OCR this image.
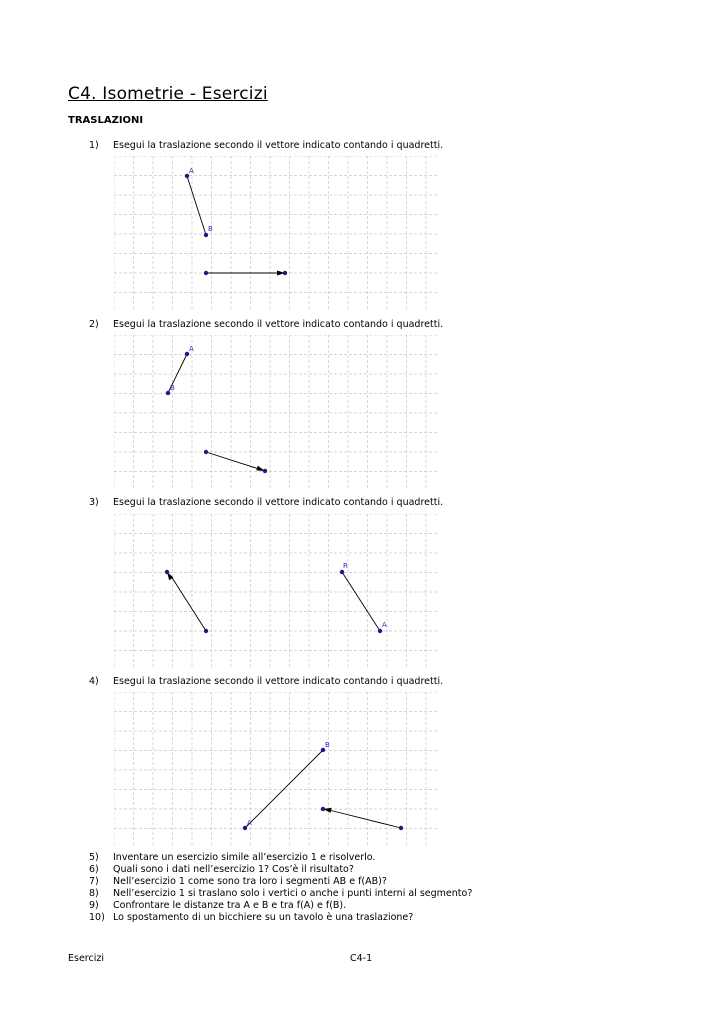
C4. Isometrie - Esercizi
TRASLAZIONI
1) Esegui la traslazione secondo il vettore indicato contando i quadretti.
A
B
2) Esegui la traslazione secondo il vettore indicato contando i quadretti.
A
B
3) Esegui la traslazione secondo il vettore indicato contando i quadretti.
R
A
4) Esegui la traslazione secondo il vettore indicato contando i quadretti.
B
A
5) Inventare un esercizio simile all’esercizio 1 e risolverlo.
6) Quali sono i dati nell’esercizio 1? Cos’è il risultato?
7) Nell’esercizio 1 come sono tra loro i segmenti AB e f(AB)?
8) Nell’esercizio 1 si traslano solo i vertici o anche i punti interni al segmento?
9) Confrontare le distanze tra A e B e tra f(A) e f(B).
10) Lo spostamento di un bicchiere su un tavolo è una traslazione?
Esercizi	C4-1
